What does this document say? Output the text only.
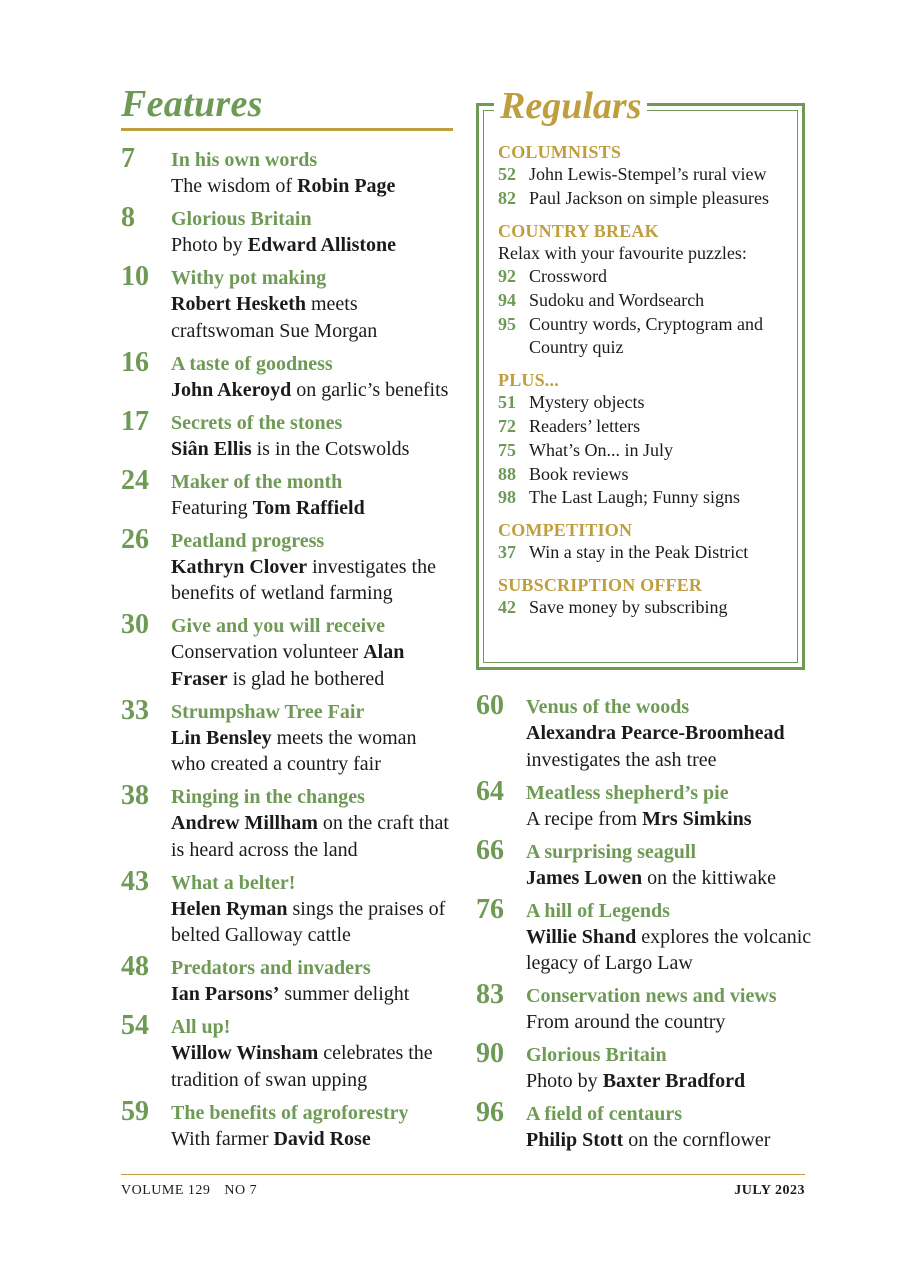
Features
7 In his own words
The wisdom of Robin Page
8 Glorious Britain
Photo by Edward Allistone
10 Withy pot making
Robert Hesketh meets craftswoman Sue Morgan
16 A taste of goodness
John Akeroyd on garlic’s benefits
17 Secrets of the stones
Siân Ellis is in the Cotswolds
24 Maker of the month
Featuring Tom Raffield
26 Peatland progress
Kathryn Clover investigates the benefits of wetland farming
30 Give and you will receive
Conservation volunteer Alan Fraser is glad he bothered
33 Strumpshaw Tree Fair
Lin Bensley meets the woman who created a country fair
38 Ringing in the changes
Andrew Millham on the craft that is heard across the land
43 What a belter!
Helen Ryman sings the praises of belted Galloway cattle
48 Predators and invaders
Ian Parsons’ summer delight
54 All up!
Willow Winsham celebrates the tradition of swan upping
59 The benefits of agroforestry
With farmer David Rose
Regulars
COLUMNISTS
52 John Lewis-Stempel’s rural view
82 Paul Jackson on simple pleasures
COUNTRY BREAK
Relax with your favourite puzzles:
92 Crossword
94 Sudoku and Wordsearch
95 Country words, Cryptogram and Country quiz
PLUS...
51 Mystery objects
72 Readers’ letters
75 What’s On... in July
88 Book reviews
98 The Last Laugh; Funny signs
COMPETITION
37 Win a stay in the Peak District
SUBSCRIPTION OFFER
42 Save money by subscribing
60 Venus of the woods
Alexandra Pearce-Broomhead investigates the ash tree
64 Meatless shepherd’s pie
A recipe from Mrs Simkins
66 A surprising seagull
James Lowen on the kittiwake
76 A hill of Legends
Willie Shand explores the volcanic legacy of Largo Law
83 Conservation news and views
From around the country
90 Glorious Britain
Photo by Baxter Bradford
96 A field of centaurs
Philip Stott on the cornflower
VOLUME 129 NO 7	JULY 2023
